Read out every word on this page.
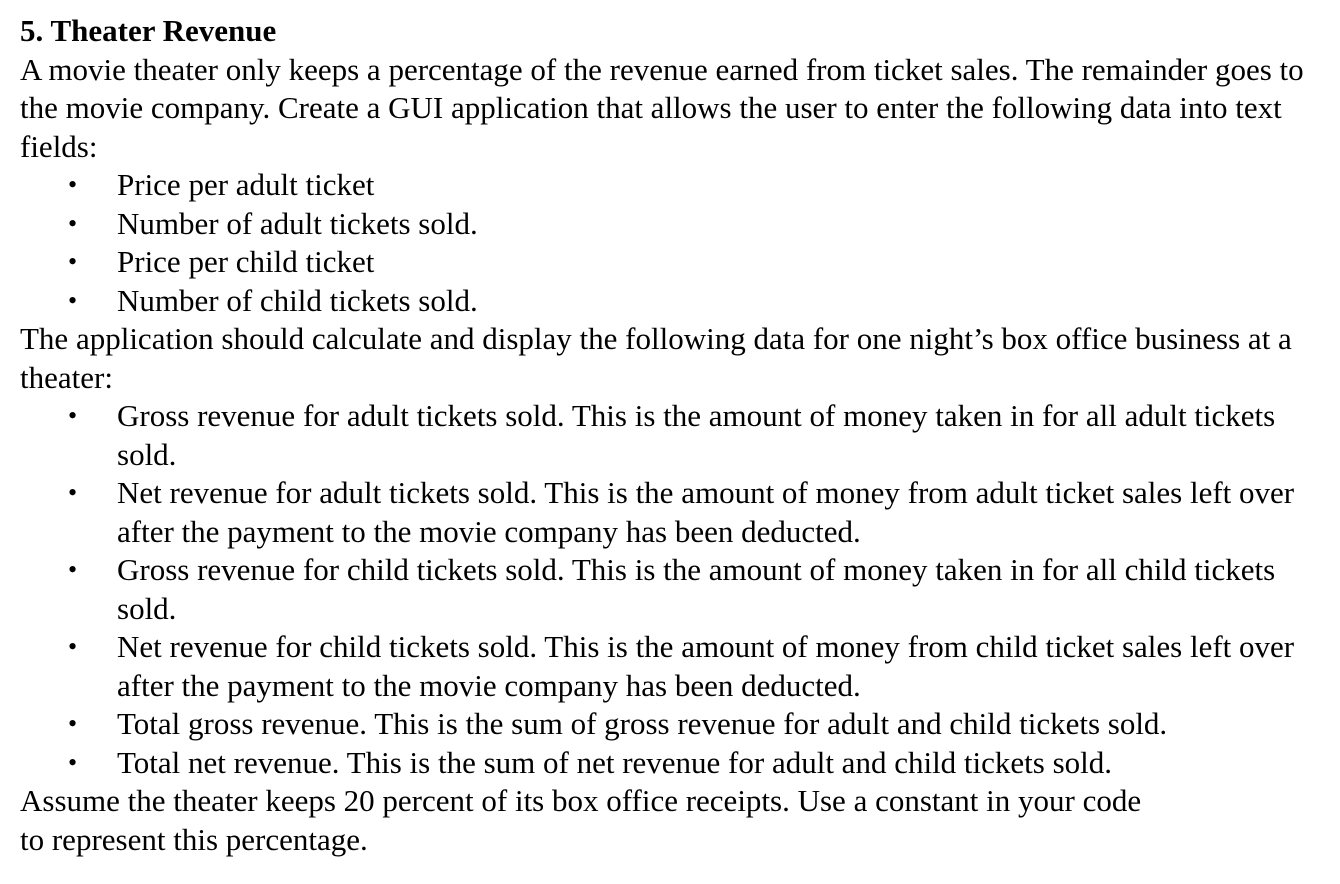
5. Theater Revenue

A movie theater only keeps a percentage of the revenue earned from ticket sales. The remainder goes to the movie company. Create a GUI application that allows the user to enter the following data into text fields:

• Price per adult ticket
• Number of adult tickets sold.
• Price per child ticket
• Number of child tickets sold.

The application should calculate and display the following data for one night’s box office business at a theater:

• Gross revenue for adult tickets sold. This is the amount of money taken in for all adult tickets sold.
• Net revenue for adult tickets sold. This is the amount of money from adult ticket sales left over after the payment to the movie company has been deducted.
• Gross revenue for child tickets sold. This is the amount of money taken in for all child tickets sold.
• Net revenue for child tickets sold. This is the amount of money from child ticket sales left over after the payment to the movie company has been deducted.
• Total gross revenue. This is the sum of gross revenue for adult and child tickets sold.
• Total net revenue. This is the sum of net revenue for adult and child tickets sold.

Assume the theater keeps 20 percent of its box office receipts. Use a constant in your code

to represent this percentage.
